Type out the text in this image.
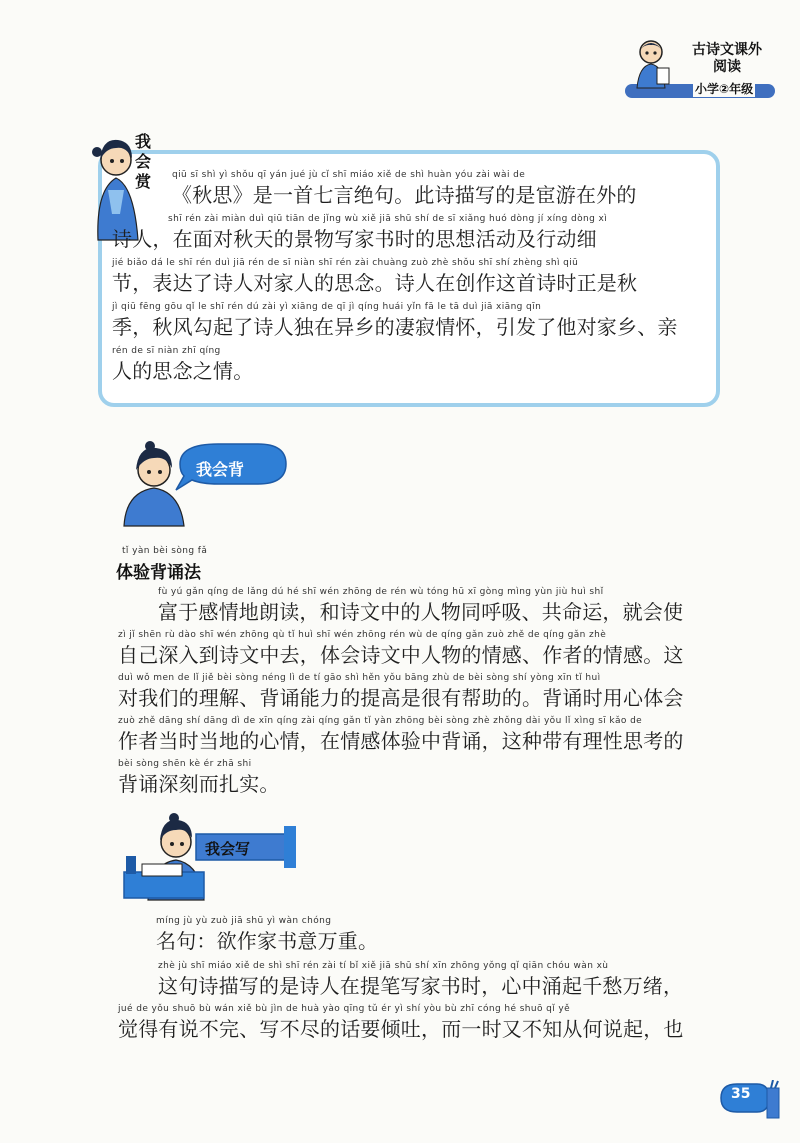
古诗文课外
阅读
小学②年级
我会赏	qiū sī shì yì shǒu qī yán jué jù cǐ shī miáo xiě de shì huàn yóu zài wài de
《秋思》是一首七言绝句。此诗描写的是宦游在外的
shī rén zài miàn duì qiū tiān de jǐng wù xiě jiā shū shí de sī xiǎng huó dòng jí xíng dòng xì
诗人，在面对秋天的景物写家书时的思想活动及行动细
jié biǎo dá le shī rén duì jiā rén de sī niàn shī rén zài chuàng zuò zhè shǒu shī shí zhèng shì qiū
节，表达了诗人对家人的思念。诗人在创作这首诗时正是秋
jì qiū fēng gōu qǐ le shī rén dú zài yì xiāng de qī jì qíng huái yǐn fā le tā duì jiā xiāng qīn
季，秋风勾起了诗人独在异乡的凄寂情怀，引发了他对家乡、亲
rén de sī niàn zhī qíng
人的思念之情。
我会背
tǐ yàn bèi sòng fǎ
体验背诵法
fù yú gǎn qíng de lǎng dú hé shī wén zhōng de rén wù tóng hū xī gòng mìng yùn jiù huì shǐ
富于感情地朗读，和诗文中的人物同呼吸、共命运，就会使
zì jǐ shēn rù dào shī wén zhōng qù tǐ huì shī wén zhōng rén wù de qíng gǎn zuò zhě de qíng gǎn zhè
自己深入到诗文中去，体会诗文中人物的情感、作者的情感。这
duì wǒ men de lǐ jiě bèi sòng néng lì de tí gāo shì hěn yǒu bāng zhù de bèi sòng shí yòng xīn tǐ huì
对我们的理解、背诵能力的提高是很有帮助的。背诵时用心体会
zuò zhě dāng shí dāng dì de xīn qíng zài qíng gǎn tǐ yàn zhōng bèi sòng zhè zhǒng dài yǒu lǐ xìng sī kǎo de
作者当时当地的心情，在情感体验中背诵，这种带有理性思考的
bèi sòng shēn kè ér zhā shi
背诵深刻而扎实。
我会写
míng jù yù zuò jiā shū yì wàn chóng
名句：欲作家书意万重。
zhè jù shī miáo xiě de shì shī rén zài tí bǐ xiě jiā shū shí xīn zhōng yǒng qǐ qiān chóu wàn xù
这句诗描写的是诗人在提笔写家书时，心中涌起千愁万绪，
jué de yǒu shuō bù wán xiě bù jìn de huà yào qīng tǔ ér yì shí yòu bù zhī cóng hé shuō qǐ yě
觉得有说不完、写不尽的话要倾吐，而一时又不知从何说起，也
35
